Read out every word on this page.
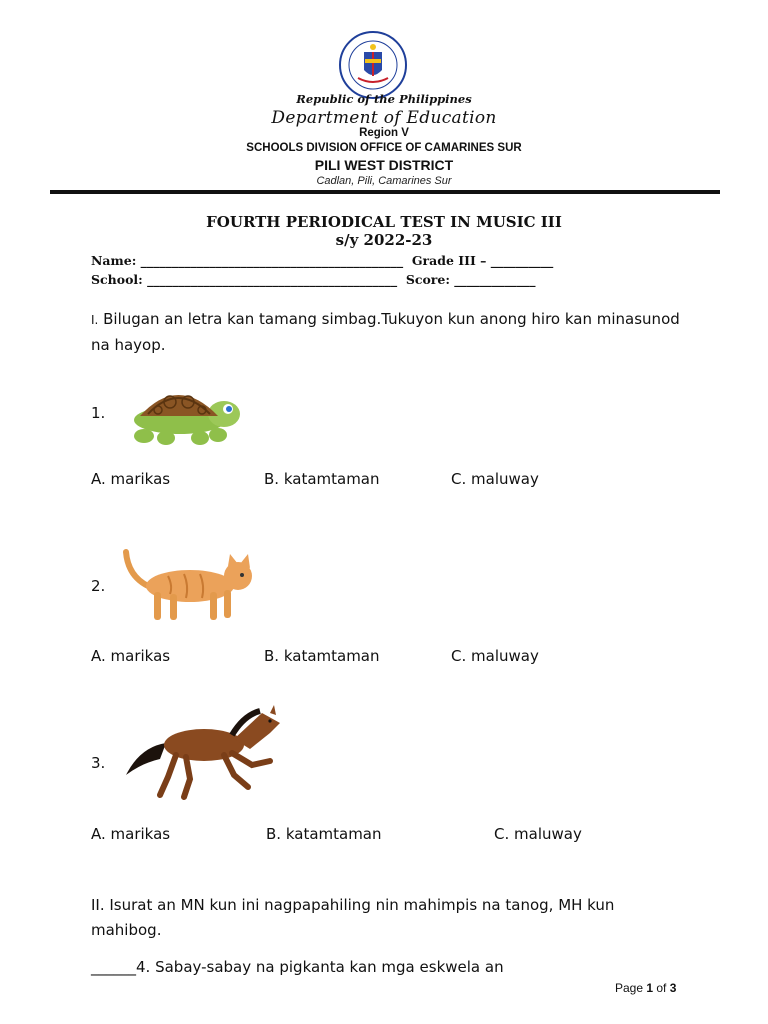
Republic of the Philippines
Department of Education
Region V
SCHOOLS DIVISION OFFICE OF CAMARINES SUR
PILI WEST DISTRICT
Cadlan, Pili, Camarines Sur
FOURTH PERIODICAL TEST IN MUSIC III
s/y 2022-23
Name: __________________________________________  Grade III – __________
School: ________________________________________  Score: _____________
I. Bilugan an letra kan tamang simbag.Tukuyon kun anong hiro kan minasunod na hayop.
1.
A. marikas	B. katamtaman	C. maluway
2.
A. marikas	B. katamtaman	C. maluway
3.
A. marikas	B. katamtaman	C. maluway
II. Isurat an MN kun ini nagpapahiling nin mahimpis na tanog, MH kun mahibog.
______4. Sabay-sabay na pigkanta kan mga eskwela an
Page 1 of 3
